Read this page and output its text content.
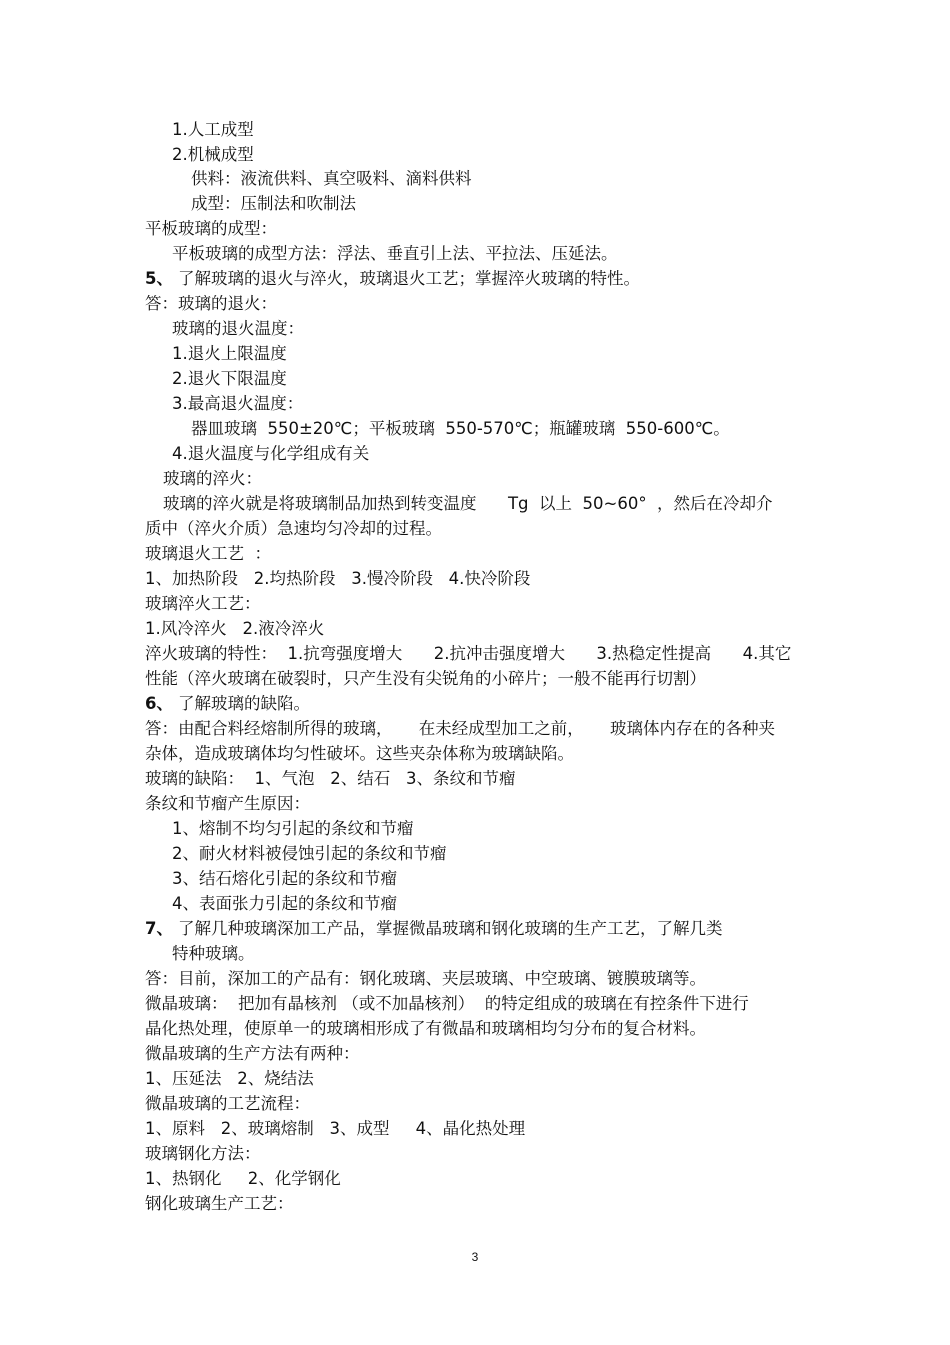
1.人工成型
2.机械成型
供料：液流供料、真空吸料、滴料供料
成型：压制法和吹制法
平板玻璃的成型：
平板玻璃的成型方法：浮法、垂直引上法、平拉法、压延法。
5、 了解玻璃的退火与淬火，玻璃退火工艺；掌握淬火玻璃的特性。
答：玻璃的退火：
玻璃的退火温度：
1.退火上限温度
2.退火下限温度
3.最高退火温度：
器皿玻璃  550±20℃；平板玻璃  550-570℃；瓶罐玻璃  550-600℃。
4.退火温度与化学组成有关
玻璃的淬火：
玻璃的淬火就是将玻璃制品加热到转变温度      Tg  以上  50~60°  ，然后在冷却介
质中（淬火介质）急速均匀冷却的过程。
玻璃退火工艺  ：
1、加热阶段   2.均热阶段   3.慢冷阶段   4.快冷阶段
玻璃淬火工艺：
1.风冷淬火   2.液冷淬火
淬火玻璃的特性：  1.抗弯强度增大      2.抗冲击强度增大      3.热稳定性提高      4.其它
性能（淬火玻璃在破裂时，只产生没有尖锐角的小碎片；一般不能再行切割）
6、 了解玻璃的缺陷。
答：由配合料经熔制所得的玻璃，     在未经成型加工之前，     玻璃体内存在的各种夹
杂体，造成玻璃体均匀性破坏。这些夹杂体称为玻璃缺陷。
玻璃的缺陷：  1、气泡   2、结石   3、条纹和节瘤
条纹和节瘤产生原因：
1、熔制不均匀引起的条纹和节瘤
2、耐火材料被侵蚀引起的条纹和节瘤
3、结石熔化引起的条纹和节瘤
4、表面张力引起的条纹和节瘤
7、 了解几种玻璃深加工产品，掌握微晶玻璃和钢化玻璃的生产工艺，了解几类
特种玻璃。
答：目前，深加工的产品有：钢化玻璃、夹层玻璃、中空玻璃、镀膜玻璃等。
微晶玻璃：  把加有晶核剂 （或不加晶核剂）  的特定组成的玻璃在有控条件下进行
晶化热处理，使原单一的玻璃相形成了有微晶和玻璃相均匀分布的复合材料。
微晶玻璃的生产方法有两种：
1、压延法   2、烧结法
微晶玻璃的工艺流程：
1、原料   2、玻璃熔制   3、成型     4、晶化热处理
玻璃钢化方法：
1、热钢化     2、化学钢化
钢化玻璃生产工艺：
3
